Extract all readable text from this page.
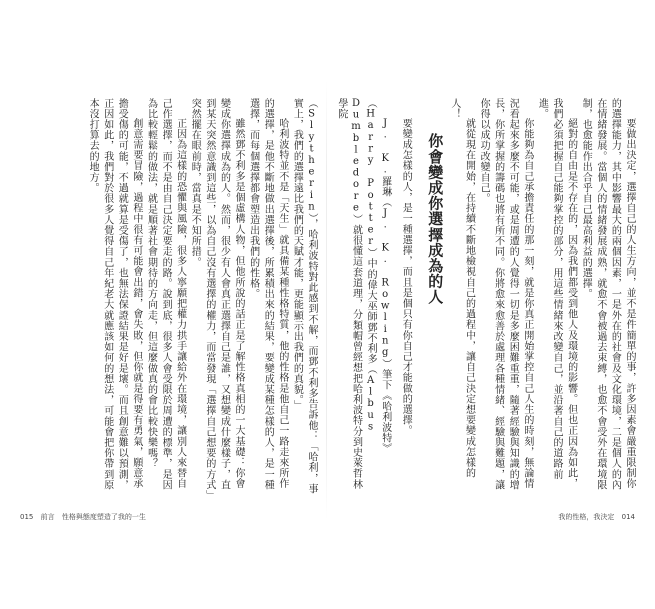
要做出決定，選擇自己的人生方向，並不是件簡單的事，許多因素會嚴重限制你的選擇能力，其中影響最大的兩個因素，一是外在的社會及文化環境，二是個人的內在情緒發展。當個人的情緒發展成熟，就愈不會被過去束縛，也愈不會受外在環境限制，也愈能作出合乎自己最高利益的選擇。

絕對的自由是不存在的，因為我們都受到他人及環境的影響。但也正因為如此，我們必須把握自己能夠掌控的部分，用這些情緒來改變自己，並沿著自己的道路前進。

你能夠為自己承擔責任的那一刻，就是你真正開始掌控自己人生的時刻，無論情況看起來多麼不可能，或是周遭的人覺得一切是多麼困難重重，隨著經驗與知識的增長，你所掌握的籌碼也將有所不同。你將愈來愈善於處理各種情緒、經驗與難題，讓你得以成功改變自己。

就從現在開始，在持續不斷地檢視自己的過程中，讓自己決定想要變成怎樣的人！

你會變成你選擇成為的人

要變成怎樣的人，是一種選擇，而且是個只有你自己才能做的選擇。

J. K.羅琳（J. K. Rowling）筆下《哈利波特》（Harry Potter）中的偉大巫師鄧不利多（Albus Dumbledore）就很懂這套道理，分類帽曾經想把哈利波特分到史萊哲林學院

（Slytherin），哈利波特對此感到不解，而鄧不利多告訴他：「哈利，事實上，我們的選擇遠比我們的天賦才能，更能顯示出我們的真貌。」

哈利波特並不是「天生」就具備某種性格特質，他的性格是他自己一路走來所作的選擇，是他不斷地做出選擇後，所累積出來的結果，要變成某種怎樣的人，是一種選擇，而每個選擇都會塑造出我們的性格。

雖然鄧不利多是個虛構人物，但他所說的話正是了解性格真相的一大基礎：你會變成你選擇成為的人。然而，很少有人會真正選擇自己是誰，又想變成什麼樣子，直到某天突然意識到這些，以為自己沒有選擇的權力，而當發現「選擇自己想要的方式」突然擺在眼前時，當真是不知所措。

正因為這樣的恐懼與風險，很多人寧願把權力拱手讓給外在環境，讓別人來替自己作選擇，而不是由自己決定要走的路。說到底，很多人會受限於周遭的標準，是因為比較輕鬆的做法，就是順著社會期待的方向走，但這麼做真的會比較快樂嗎？

創意需要冒險，過程中很有可能會出錯，會失敗，但你就是得要有勇氣，願意承擔受傷的可能，不過就算是受傷了，也無法保證結果是好是壞。而且創意難以預測，正因如此，我們對於很多人覺得自己年紀老大就應該如何的想法，可能會把你帶到原本沒打算去的地方。

015 前言 性格與態度塑造了我的一生	我的性格，我決定 014
